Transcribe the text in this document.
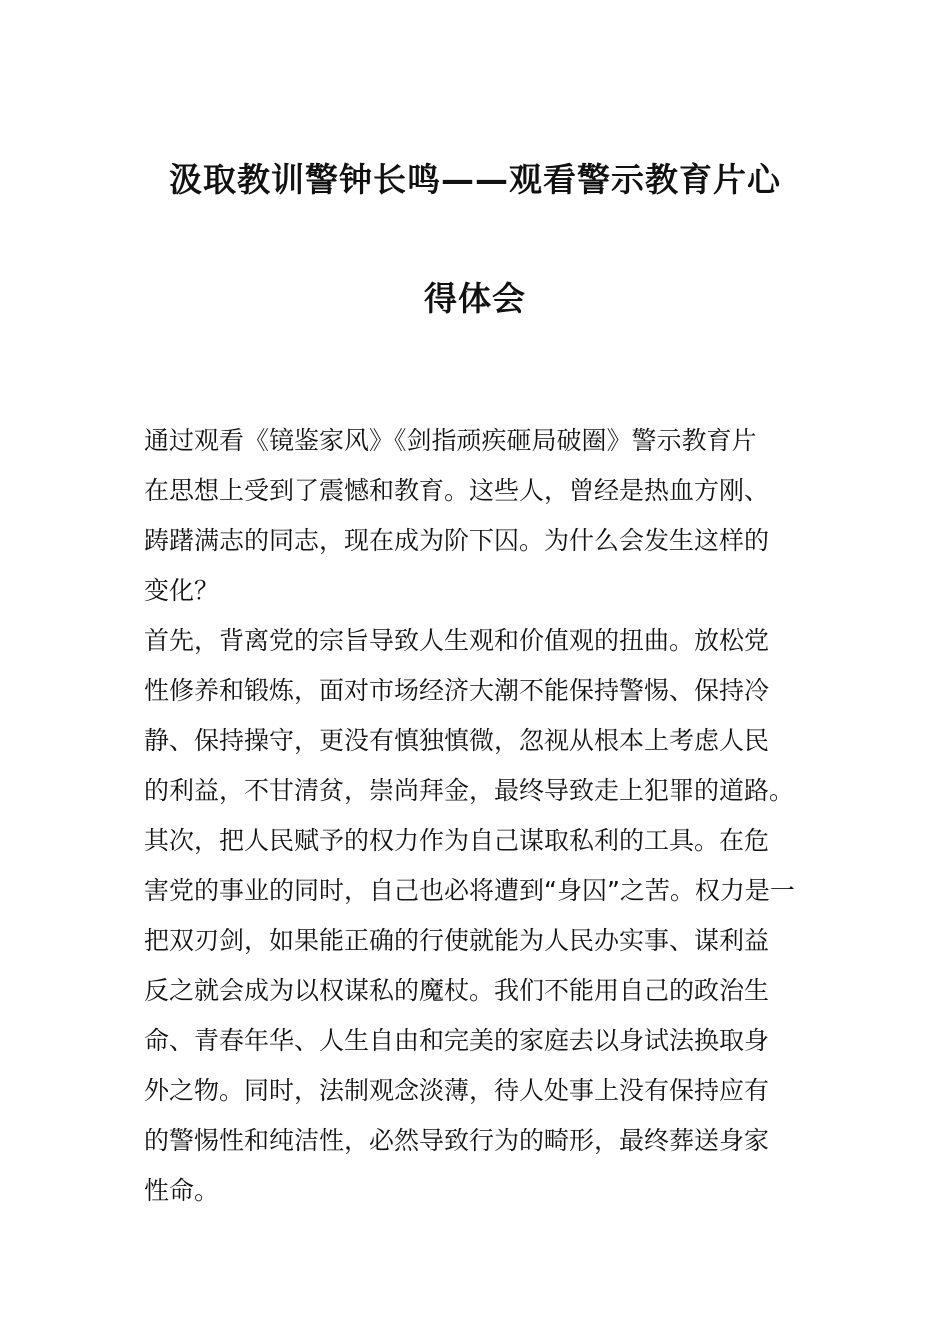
汲取教训警钟长鸣——观看警示教育片心
得体会
通过观看《镜鉴家风》《剑指顽疾砸局破圈》警示教育片
在思想上受到了震憾和教育。这些人，曾经是热血方刚、
踌躇满志的同志，现在成为阶下囚。为什么会发生这样的
变化？
首先，背离党的宗旨导致人生观和价值观的扭曲。放松党
性修养和锻炼，面对市场经济大潮不能保持警惕、保持冷
静、保持操守，更没有慎独慎微，忽视从根本上考虑人民
的利益，不甘清贫，崇尚拜金，最终导致走上犯罪的道路。
其次，把人民赋予的权力作为自己谋取私利的工具。在危
害党的事业的同时，自己也必将遭到“身囚”之苦。权力是一
把双刃剑，如果能正确的行使就能为人民办实事、谋利益
反之就会成为以权谋私的魔杖。我们不能用自己的政治生
命、青春年华、人生自由和完美的家庭去以身试法换取身
外之物。同时，法制观念淡薄，待人处事上没有保持应有
的警惕性和纯洁性，必然导致行为的畸形，最终葬送身家
性命。
